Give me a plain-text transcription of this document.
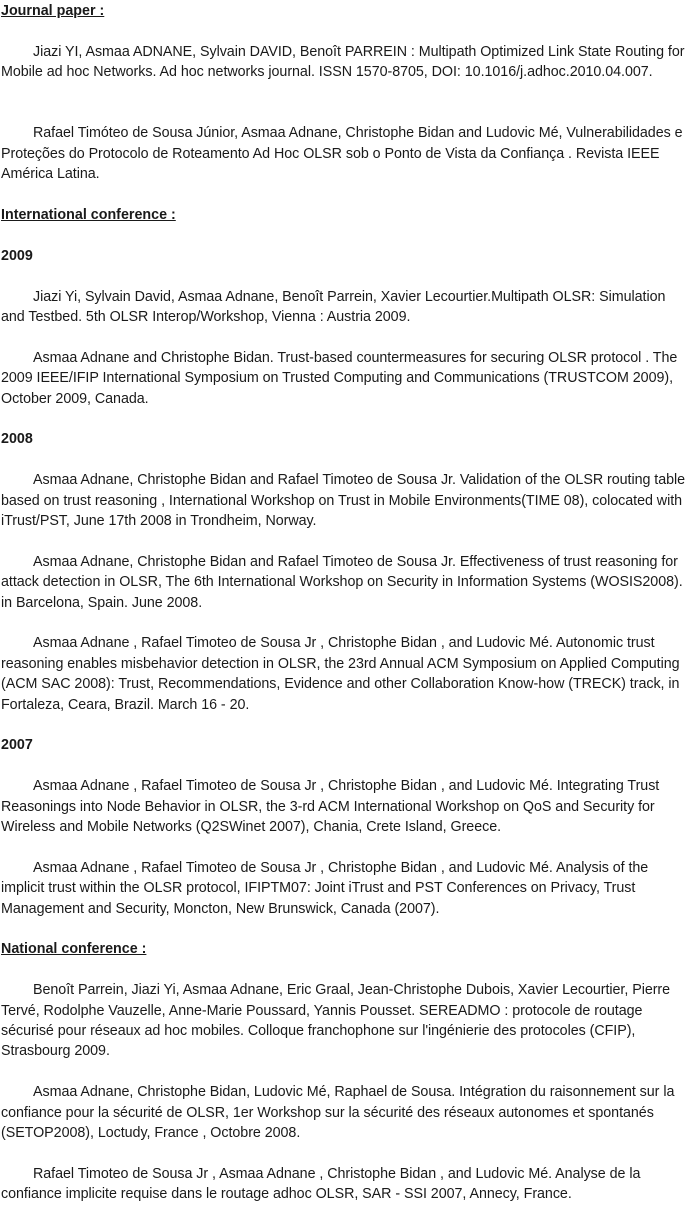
Journal paper :

Jiazi YI, Asmaa ADNANE, Sylvain DAVID, Benoît PARREIN : Multipath Optimized Link State Routing for Mobile ad hoc Networks. Ad hoc networks journal. ISSN 1570-8705, DOI: 10.1016/j.adhoc.2010.04.007.

Rafael Timóteo de Sousa Júnior, Asmaa Adnane, Christophe Bidan and Ludovic Mé, Vulnerabilidades e Proteções do Protocolo de Roteamento Ad Hoc OLSR sob o Ponto de Vista da Confiança . Revista IEEE América Latina.

International conference :

2009

Jiazi Yi, Sylvain David, Asmaa Adnane, Benoît Parrein, Xavier Lecourtier.Multipath OLSR: Simulation and Testbed. 5th OLSR Interop/Workshop, Vienna : Austria 2009.

Asmaa Adnane and Christophe Bidan. Trust-based countermeasures for securing OLSR protocol . The 2009 IEEE/IFIP International Symposium on Trusted Computing and Communications (TRUSTCOM 2009), October 2009, Canada.

2008

Asmaa Adnane, Christophe Bidan and Rafael Timoteo de Sousa Jr. Validation of the OLSR routing table based on trust reasoning , International Workshop on Trust in Mobile Environments(TIME 08), colocated with iTrust/PST, June 17th 2008 in Trondheim, Norway.

Asmaa Adnane, Christophe Bidan and Rafael Timoteo de Sousa Jr. Effectiveness of trust reasoning for attack detection in OLSR, The 6th International Workshop on Security in Information Systems (WOSIS2008). in Barcelona, Spain. June 2008.

Asmaa Adnane , Rafael Timoteo de Sousa Jr , Christophe Bidan , and Ludovic Mé. Autonomic trust reasoning enables misbehavior detection in OLSR, the 23rd Annual ACM Symposium on Applied Computing (ACM SAC 2008): Trust, Recommendations, Evidence and other Collaboration Know-how (TRECK) track, in Fortaleza, Ceara, Brazil. March 16 - 20.

2007

Asmaa Adnane , Rafael Timoteo de Sousa Jr , Christophe Bidan , and Ludovic Mé. Integrating Trust Reasonings into Node Behavior in OLSR, the 3-rd ACM International Workshop on QoS and Security for Wireless and Mobile Networks (Q2SWinet 2007), Chania, Crete Island, Greece.

Asmaa Adnane , Rafael Timoteo de Sousa Jr , Christophe Bidan , and Ludovic Mé. Analysis of the implicit trust within the OLSR protocol, IFIPTM07: Joint iTrust and PST Conferences on Privacy, Trust Management and Security, Moncton, New Brunswick, Canada (2007).

National conference :

Benoît Parrein, Jiazi Yi, Asmaa Adnane, Eric Graal, Jean-Christophe Dubois, Xavier Lecourtier, Pierre Tervé, Rodolphe Vauzelle, Anne-Marie Poussard, Yannis Pousset. SEREADMO : protocole de routage sécurisé pour réseaux ad hoc mobiles. Colloque franchophone sur l'ingénierie des protocoles (CFIP), Strasbourg 2009.

Asmaa Adnane, Christophe Bidan, Ludovic Mé, Raphael de Sousa. Intégration du raisonnement sur la confiance pour la sécurité de OLSR, 1er Workshop sur la sécurité des réseaux autonomes et spontanés (SETOP2008), Loctudy, France , Octobre 2008.

Rafael Timoteo de Sousa Jr , Asmaa Adnane , Christophe Bidan , and Ludovic Mé. Analyse de la confiance implicite requise dans le routage adhoc OLSR, SAR - SSI 2007, Annecy, France.
